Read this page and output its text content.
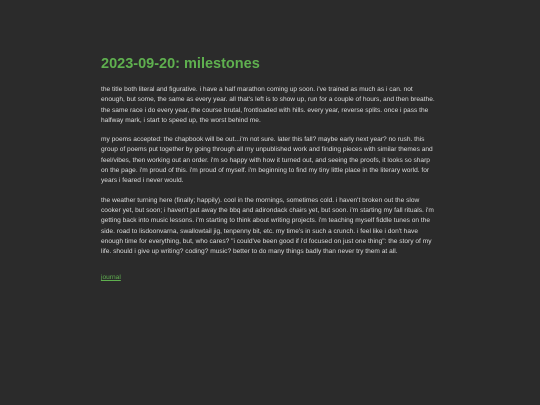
2023-09-20: milestones

the title both literal and figurative. i have a half marathon coming up soon. i've trained as much as i can. not enough, but some, the same as every year. all that's left is to show up, run for a couple of hours, and then breathe. the same race i do every year, the course brutal, frontloaded with hills. every year, reverse splits. once i pass the halfway mark, i start to speed up, the worst behind me.

my poems accepted: the chapbook will be out...i'm not sure. later this fall? maybe early next year? no rush. this group of poems put together by going through all my unpublished work and finding pieces with similar themes and feel/vibes, then working out an order. i'm so happy with how it turned out, and seeing the proofs, it looks so sharp on the page. i'm proud of this. i'm proud of myself. i'm beginning to find my tiny little place in the literary world. for years i feared i never would.

the weather turning here (finally; happily). cool in the mornings, sometimes cold. i haven't broken out the slow cooker yet, but soon; i haven't put away the bbq and adirondack chairs yet, but soon. i'm starting my fall rituals. i'm getting back into music lessons. i'm starting to think about writing projects. i'm teaching myself fiddle tunes on the side. road to lisdoonvarna, swallowtail jig, tenpenny bit, etc. my time's in such a crunch. i feel like i don't have enough time for everything, but, who cares? "i could've been good if i'd focused on just one thing": the story of my life. should i give up writing? coding? music? better to do many things badly than never try them at all.

journal
